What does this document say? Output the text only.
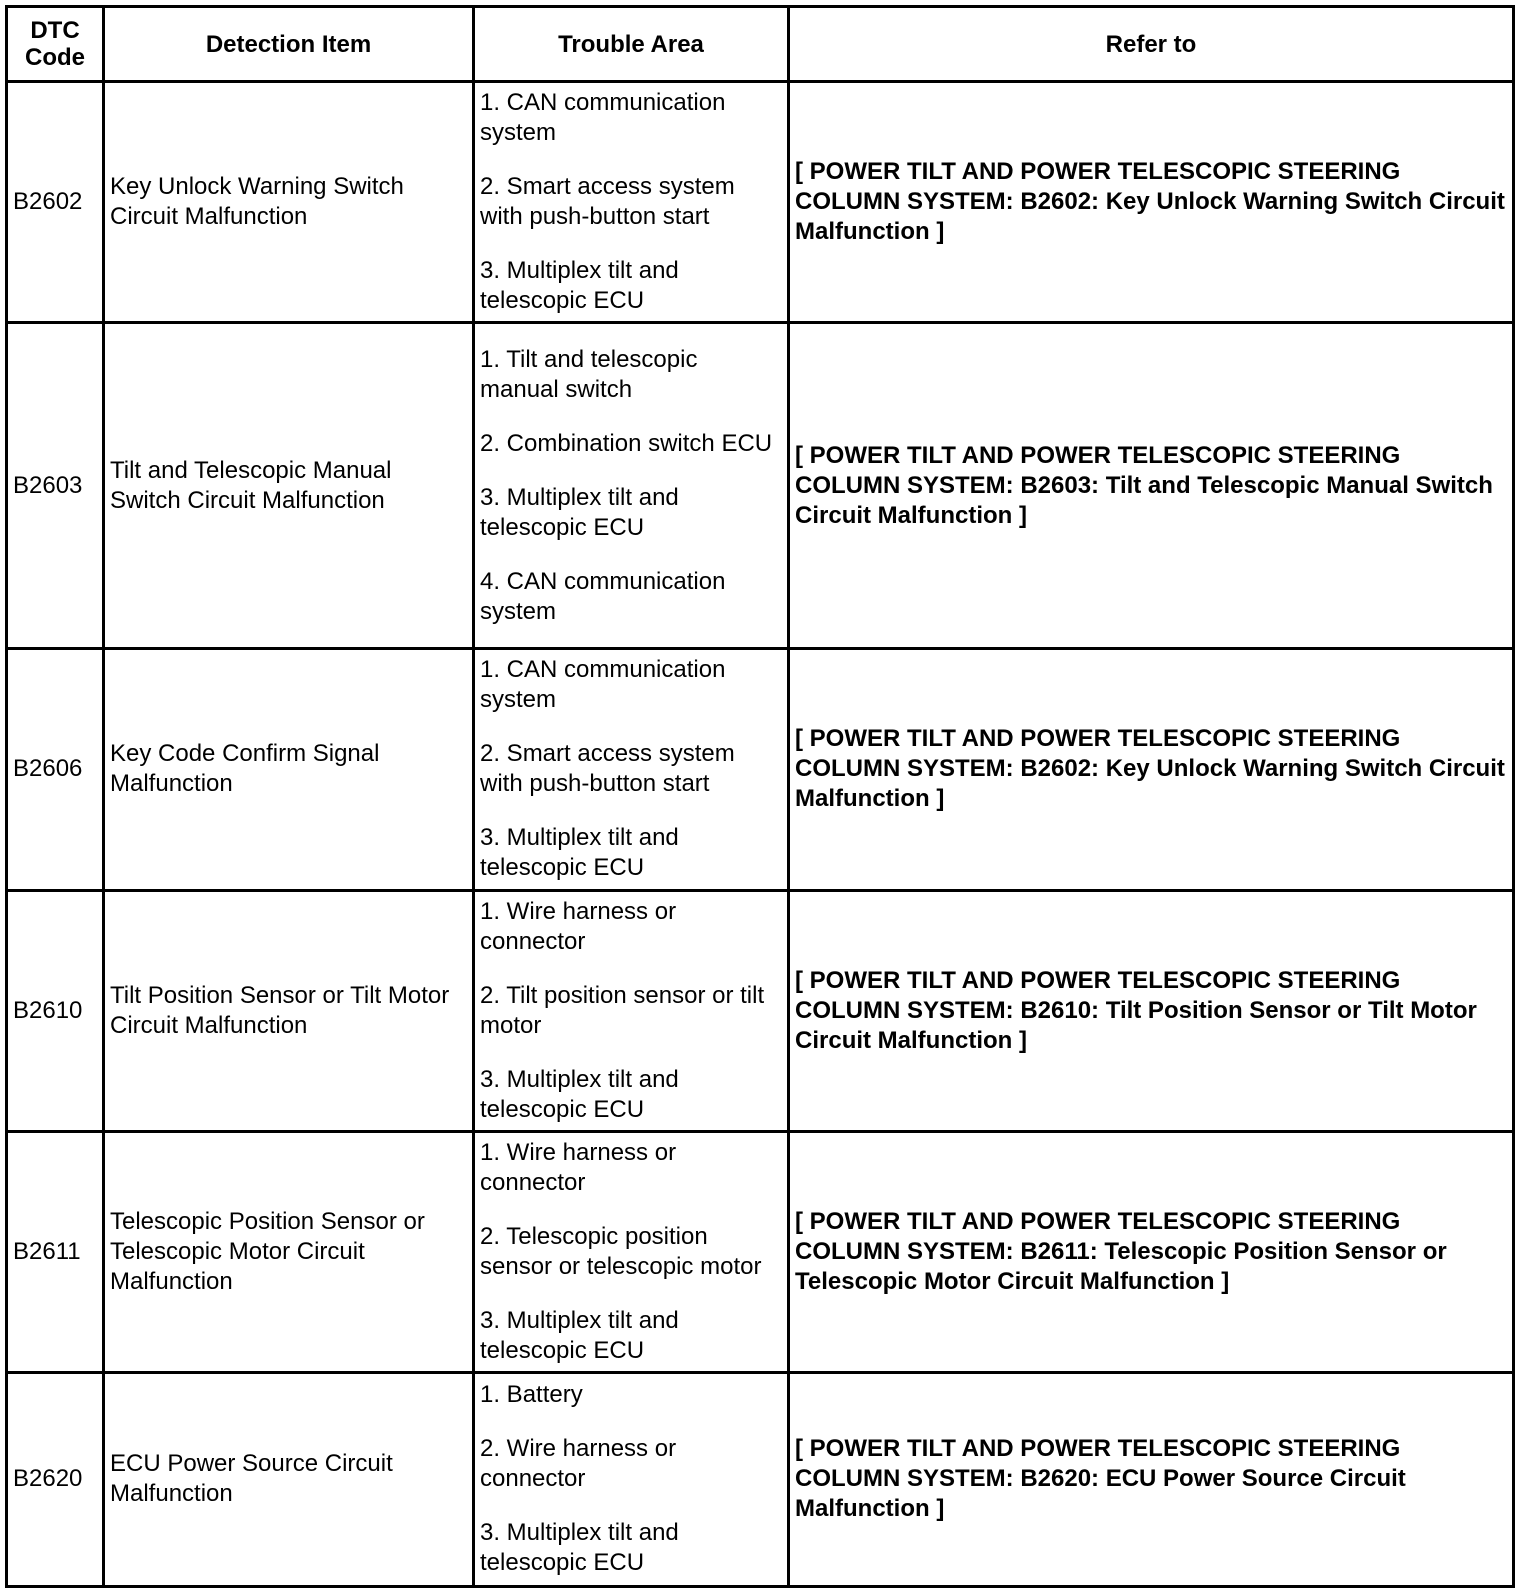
DTC Code	Detection Item	Trouble Area	Refer to
B2602	Key Unlock Warning Switch Circuit Malfunction	1. CAN communication system
2. Smart access system with push-button start
3. Multiplex tilt and telescopic ECU	[ POWER TILT AND POWER TELESCOPIC STEERING COLUMN SYSTEM: B2602: Key Unlock Warning Switch Circuit Malfunction ]
B2603	Tilt and Telescopic Manual Switch Circuit Malfunction	1. Tilt and telescopic manual switch
2. Combination switch ECU
3. Multiplex tilt and telescopic ECU
4. CAN communication system	[ POWER TILT AND POWER TELESCOPIC STEERING COLUMN SYSTEM: B2603: Tilt and Telescopic Manual Switch Circuit Malfunction ]
B2606	Key Code Confirm Signal Malfunction	1. CAN communication system
2. Smart access system with push-button start
3. Multiplex tilt and telescopic ECU	[ POWER TILT AND POWER TELESCOPIC STEERING COLUMN SYSTEM: B2602: Key Unlock Warning Switch Circuit Malfunction ]
B2610	Tilt Position Sensor or Tilt Motor Circuit Malfunction	1. Wire harness or connector
2. Tilt position sensor or tilt motor
3. Multiplex tilt and telescopic ECU	[ POWER TILT AND POWER TELESCOPIC STEERING COLUMN SYSTEM: B2610: Tilt Position Sensor or Tilt Motor Circuit Malfunction ]
B2611	Telescopic Position Sensor or Telescopic Motor Circuit Malfunction	1. Wire harness or connector
2. Telescopic position sensor or telescopic motor
3. Multiplex tilt and telescopic ECU	[ POWER TILT AND POWER TELESCOPIC STEERING COLUMN SYSTEM: B2611: Telescopic Position Sensor or Telescopic Motor Circuit Malfunction ]
B2620	ECU Power Source Circuit Malfunction	1. Battery
2. Wire harness or connector
3. Multiplex tilt and telescopic ECU	[ POWER TILT AND POWER TELESCOPIC STEERING COLUMN SYSTEM: B2620: ECU Power Source Circuit Malfunction ]
